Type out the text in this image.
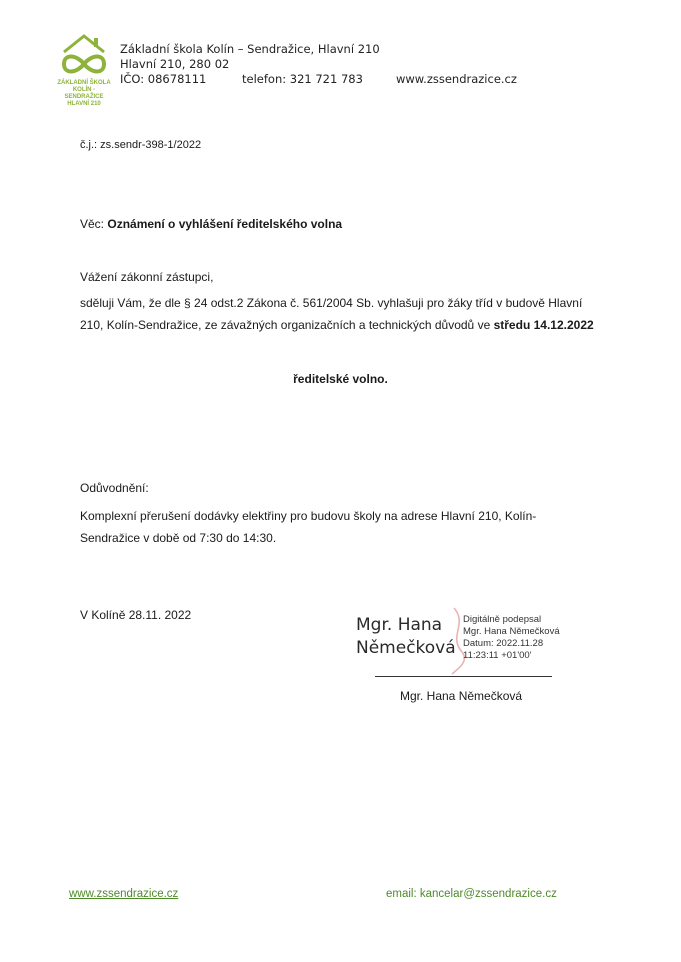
ZÁKLADNÍ ŠKOLA
KOLÍN - SENDRAŽICE
HLAVNÍ 210
Základní škola Kolín – Sendražice, Hlavní 210
Hlavní 210, 280 02
IČO: 08678111	telefon: 321 721 783	www.zssendrazice.cz
č.j.: zs.sendr-398-1/2022
Věc: Oznámení o vyhlášení ředitelského volna
Vážení zákonní zástupci,
sděluji Vám, že dle § 24 odst.2 Zákona č. 561/2004 Sb. vyhlašuji pro žáky tříd v budově Hlavní
210, Kolín-Sendražice, ze závažných organizačních a technických důvodů ve středu 14.12.2022
ředitelské volno.
Odůvodnění:
Komplexní přerušení dodávky elektřiny pro budovu školy na adrese Hlavní 210, Kolín-
Sendražice v době od 7:30 do 14:30.
V Kolíně 28.11. 2022	Mgr. Hana
Němečková
Digitálně podepsal
Mgr. Hana Němečková
Datum: 2022.11.28
11:23:11 +01'00'
Mgr. Hana Němečková
www.zssendrazice.cz	email: kancelar@zssendrazice.cz
